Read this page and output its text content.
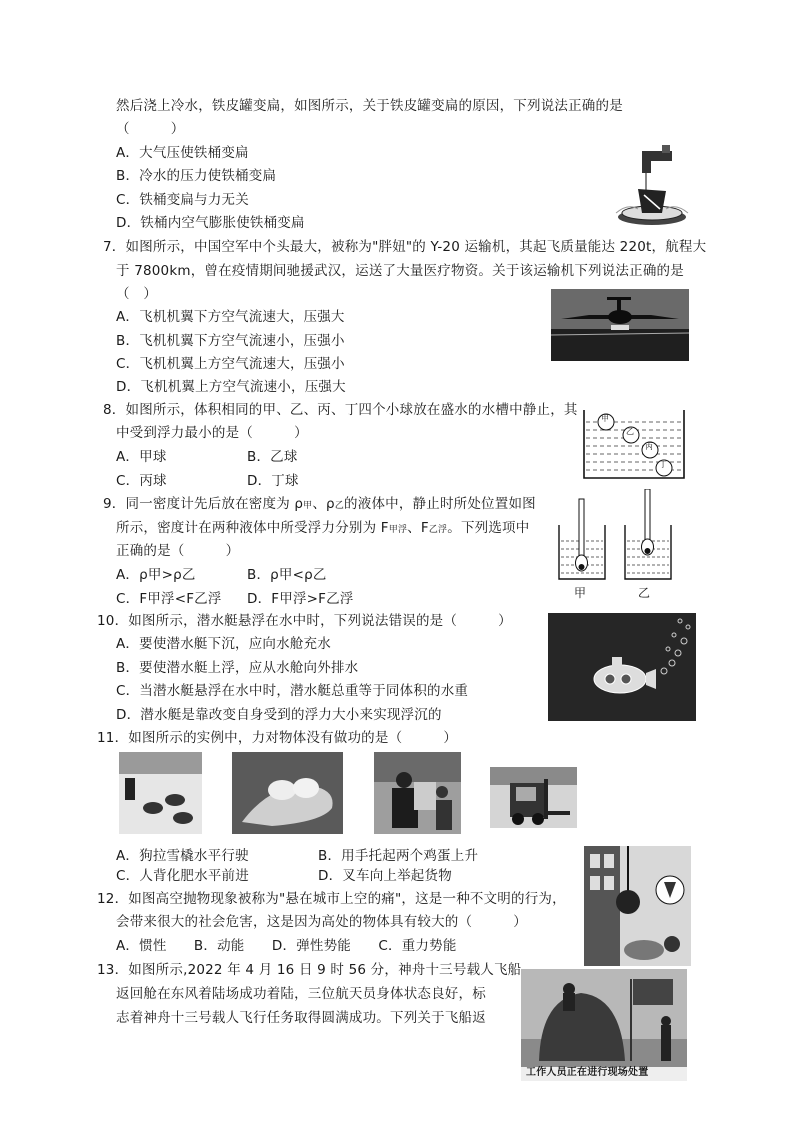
然后浇上冷水，铁皮罐变扁，如图所示，关于铁皮罐变扁的原因，下列说法正确的是
（　　　）
A．大气压使铁桶变扁
B．冷水的压力使铁桶变扁
C．铁桶变扁与力无关
D．铁桶内空气膨胀使铁桶变扁
7．如图所示，中国空军中个头最大，被称为"胖妞"的 Y-20 运输机，其起飞质量能达 220t，航程大
于 7800km，曾在疫情期间驰援武汉，运送了大量医疗物资。关于该运输机下列说法正确的是
（　）
A．飞机机翼下方空气流速大，压强大
B．飞机机翼下方空气流速小，压强小
C．飞机机翼上方空气流速大，压强小
D．飞机机翼上方空气流速小，压强大
8．如图所示，体积相同的甲、乙、丙、丁四个小球放在盛水的水槽中静止，其
中受到浮力最小的是（　　　）
A．甲球	B．乙球
C．丙球	D．丁球
甲
乙
丙
丁
9．同一密度计先后放在密度为 ρ甲、ρ乙的液体中，静止时所处位置如图
所示，密度计在两种液体中所受浮力分别为 F甲浮、F乙浮。下列选项中
正确的是（　　　）
A．ρ甲>ρ乙	B．ρ甲<ρ乙
C．F甲浮<F乙浮 D．F甲浮>F乙浮	甲	乙
10．如图所示，潜水艇悬浮在水中时，下列说法错误的是（　　　）
A．要使潜水艇下沉，应向水舱充水
B．要使潜水艇上浮，应从水舱向外排水
C．当潜水艇悬浮在水中时，潜水艇总重等于同体积的水重
D．潜水艇是靠改变自身受到的浮力大小来实现浮沉的
11．如图所示的实例中，力对物体没有做功的是（　　　）
A．狗拉雪橇水平行驶	B．用手托起两个鸡蛋上升
C．人背化肥水平前进	D．叉车向上举起货物
12．如图高空抛物现象被称为"悬在城市上空的痛"，这是一种不文明的行为，
会带来很大的社会危害，这是因为高处的物体具有较大的（　　　）
A．惯性　　B．动能　　D．弹性势能　　C．重力势能
13．如图所示,2022 年 4 月 16 日 9 时 56 分，神舟十三号载人飞船
返回舱在东风着陆场成功着陆，三位航天员身体状态良好，标
志着神舟十三号载人飞行任务取得圆满成功。下列关于飞船返
工作人员正在进行现场处置
